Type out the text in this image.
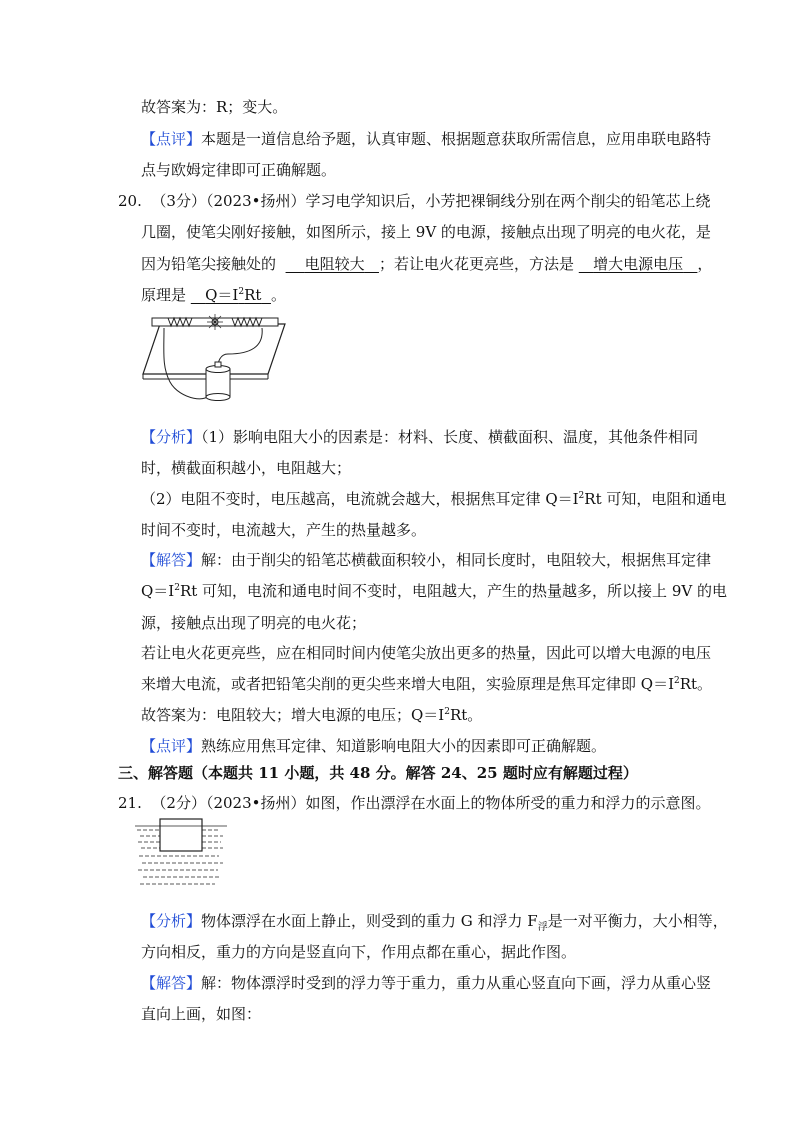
故答案为：R；变大。
【点评】本题是一道信息给予题，认真审题、根据题意获取所需信息，应用串联电路特
点与欧姆定律即可正确解题。
20. （3分）（2023•扬州）学习电学知识后，小芳把裸铜线分别在两个削尖的铅笔芯上绕
几圈，使笔尖刚好接触，如图所示，接上 9V 的电源，接触点出现了明亮的电火花，是
因为铅笔尖接触处的 电阻较大 ；若让电火花更亮些，方法是 增大电源电压 ，
原理是 $Q=I^2Rt$ 。
【分析】（1）影响电阻大小的因素是：材料、长度、横截面积、温度，其他条件相同
时，横截面积越小，电阻越大；
（2）电阻不变时，电压越高，电流就会越大，根据焦耳定律 $Q=I^2Rt$ 可知，电阻和通电
时间不变时，电流越大，产生的热量越多。
【解答】解：由于削尖的铅笔芯横截面积较小，相同长度时，电阻较大，根据焦耳定律
$Q=I^2Rt$ 可知，电流和通电时间不变时，电阻越大，产生的热量越多，所以接上 9V 的电
源，接触点出现了明亮的电火花；
若让电火花更亮些，应在相同时间内使笔尖放出更多的热量，因此可以增大电源的电压
来增大电流，或者把铅笔尖削的更尖些来增大电阻，实验原理是焦耳定律即 $Q=I^2Rt$。
故答案为：电阻较大；增大电源的电压；$Q=I^2Rt$。
【点评】熟练应用焦耳定律、知道影响电阻大小的因素即可正确解题。
三、解答题（本题共 11 小题，共 48 分。解答 24、25 题时应有解题过程）
21. （2分）（2023•扬州）如图，作出漂浮在水面上的物体所受的重力和浮力的示意图。
【分析】物体漂浮在水面上静止，则受到的重力 G 和浮力 $F_浮$是一对平衡力，大小相等，
方向相反，重力的方向是竖直向下，作用点都在重心，据此作图。
【解答】解：物体漂浮时受到的浮力等于重力，重力从重心竖直向下画，浮力从重心竖
直向上画，如图：
